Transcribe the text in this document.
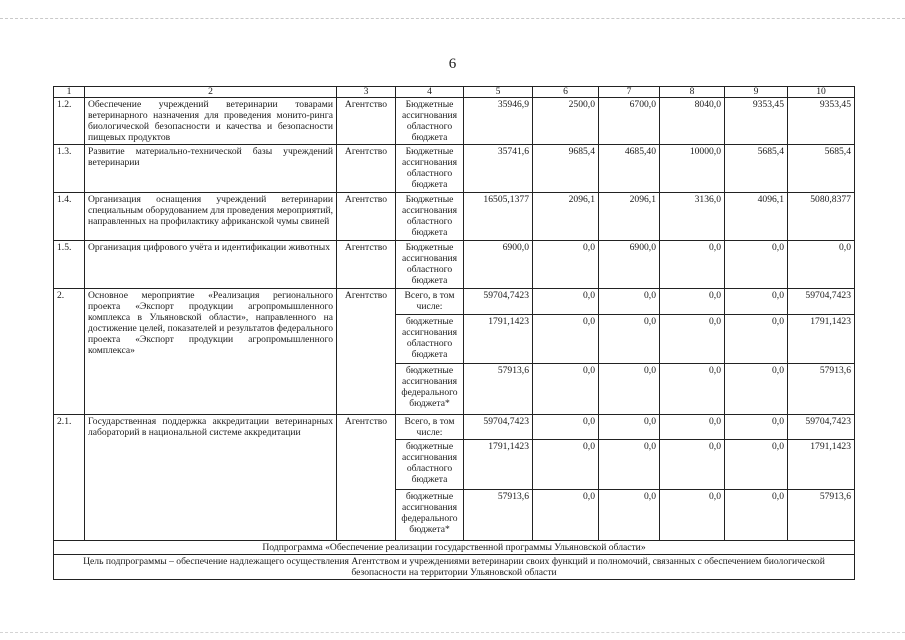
6
1	2	3	4	5	6	7	8	9	10
1.2.	Обеспечение учреждений ветеринарии товарами ветеринарного назначения для проведения монито-ринга биологической безопасности и качества и безопасности пищевых продуктов	Агентство	Бюджетные ассигнования областного бюджета	35946,9	2500,0	6700,0	8040,0	9353,45	9353,45
1.3.	Развитие материально-технической базы учреждений ветеринарии	Агентство	Бюджетные ассигнования областного бюджета	35741,6	9685,4	4685,40	10000,0	5685,4	5685,4
1.4.	Организация оснащения учреждений ветеринарии специальным оборудованием для проведения мероприятий, направленных на профилактику африканской чумы свиней	Агентство	Бюджетные ассигнования областного бюджета	16505,1377	2096,1	2096,1	3136,0	4096,1	5080,8377
1.5.	Организация цифрового учёта и идентификации животных	Агентство	Бюджетные ассигнования областного бюджета	6900,0	0,0	6900,0	0,0	0,0	0,0
2.	Основное мероприятие «Реализация регионального проекта «Экспорт продукции агропромышленного комплекса в Ульяновской области», направленного на достижение целей, показателей и результатов федерального проекта «Экспорт продукции агропромышленного комплекса»	Агентство	Всего, в том числе:	59704,7423	0,0	0,0	0,0	0,0	59704,7423
			бюджетные ассигнования областного бюджета	1791,1423	0,0	0,0	0,0	0,0	1791,1423
			бюджетные ассигнования федерального бюджета*	57913,6	0,0	0,0	0,0	0,0	57913,6
2.1.	Государственная поддержка аккредитации ветеринарных лабораторий в национальной системе аккредитации	Агентство	Всего, в том числе:	59704,7423	0,0	0,0	0,0	0,0	59704,7423
			бюджетные ассигнования областного бюджета	1791,1423	0,0	0,0	0,0	0,0	1791,1423
			бюджетные ассигнования федерального бюджета*	57913,6	0,0	0,0	0,0	0,0	57913,6
Подпрограмма «Обеспечение реализации государственной программы Ульяновской области»									
Цель подпрограммы – обеспечение надлежащего осуществления Агентством и учреждениями ветеринарии своих функций и полномочий, связанных с обеспечением биологической безопасности на территории Ульяновской области									
